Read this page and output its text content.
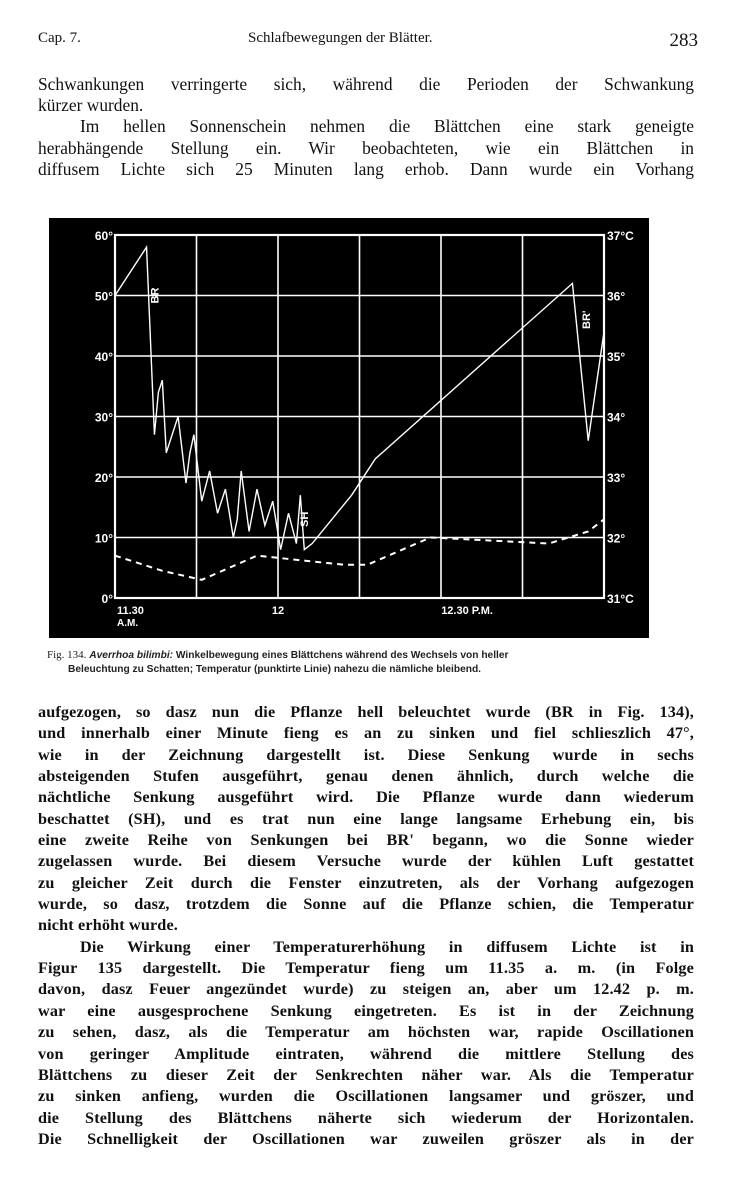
Cap. 7.	Schlafbewegungen der Blätter.	283
Schwankungen verringerte sich, während die Perioden der Schwankung
kürzer wurden.
Im hellen Sonnenschein nehmen die Blättchen eine stark geneigte
herabhängende Stellung ein. Wir beobachteten, wie ein Blättchen in
diffusem Lichte sich 25 Minuten lang erhob. Dann wurde ein Vorhang
60°
50°
40°
30°
20°
10°
0°
37°C
36°
35°
34°
33°
32°
31°C
11.30
A.M.
12	12.30 P.M.
BR
SH
BR'
Fig. 134. Averrhoa bilimbi: Winkelbewegung eines Blättchens während des Wechsels von heller
Beleuchtung zu Schatten; Temperatur (punktirte Linie) nahezu die nämliche bleibend.
aufgezogen, so dasz nun die Pflanze hell beleuchtet wurde (BR in Fig. 134),
und innerhalb einer Minute fieng es an zu sinken und fiel schlieszlich 47°,
wie in der Zeichnung dargestellt ist. Diese Senkung wurde in sechs
absteigenden Stufen ausgeführt, genau denen ähnlich, durch welche die
nächtliche Senkung ausgeführt wird. Die Pflanze wurde dann wiederum
beschattet (SH), und es trat nun eine lange langsame Erhebung ein, bis
eine zweite Reihe von Senkungen bei BR' begann, wo die Sonne wieder
zugelassen wurde. Bei diesem Versuche wurde der kühlen Luft gestattet
zu gleicher Zeit durch die Fenster einzutreten, als der Vorhang aufgezogen
wurde, so dasz, trotzdem die Sonne auf die Pflanze schien, die Temperatur
nicht erhöht wurde.
Die Wirkung einer Temperaturerhöhung in diffusem Lichte ist in
Figur 135 dargestellt. Die Temperatur fieng um 11.35 a. m. (in Folge
davon, dasz Feuer angezündet wurde) zu steigen an, aber um 12.42 p. m.
war eine ausgesprochene Senkung eingetreten. Es ist in der Zeichnung
zu sehen, dasz, als die Temperatur am höchsten war, rapide Oscillationen
von geringer Amplitude eintraten, während die mittlere Stellung des
Blättchens zu dieser Zeit der Senkrechten näher war. Als die Temperatur
zu sinken anfieng, wurden die Oscillationen langsamer und gröszer, und
die Stellung des Blättchens näherte sich wiederum der Horizontalen.
Die Schnelligkeit der Oscillationen war zuweilen gröszer als in der
